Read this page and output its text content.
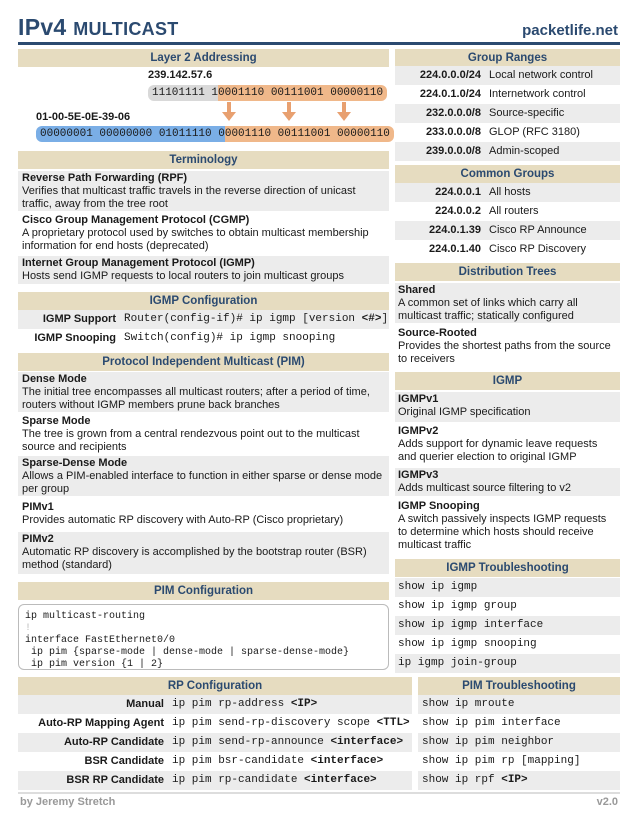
IPv4 MULTICAST	packetlife.net
Layer 2 Addressing
239.142.57.6
11101111 10001110 00111001 00000110
01-00-5E-0E-39-06
00000001 00000000 01011110 00001110 00111001 00000110
Terminology
Reverse Path Forwarding (RPF)
Verifies that multicast traffic travels in the reverse direction of unicast traffic, away from the tree root
Cisco Group Management Protocol (CGMP)
A proprietary protocol used by switches to obtain multicast membership information for end hosts (deprecated)
Internet Group Management Protocol (IGMP)
Hosts send IGMP requests to local routers to join multicast groups
IGMP Configuration
IGMP Support Router(config-if)# ip igmp [version <#>]
IGMP Snooping Switch(config)# ip igmp snooping
Protocol Independent Multicast (PIM)
Dense Mode
The initial tree encompasses all multicast routers; after a period of time, routers without IGMP members prune back branches
Sparse Mode
The tree is grown from a central rendezvous point out to the multicast source and recipients
Sparse-Dense Mode
Allows a PIM-enabled interface to function in either sparse or dense mode per group
PIMv1
Provides automatic RP discovery with Auto-RP (Cisco proprietary)
PIMv2
Automatic RP discovery is accomplished by the bootstrap router (BSR) method (standard)
PIM Configuration
ip multicast-routing
!
interface FastEthernet0/0
ip pim {sparse-mode | dense-mode | sparse-dense-mode}
ip pim version {1 | 2}
Group Ranges
224.0.0.0/24 Local network control
224.0.1.0/24 Internetwork control
232.0.0.0/8 Source-specific
233.0.0.0/8 GLOP (RFC 3180)
239.0.0.0/8 Admin-scoped
Common Groups
224.0.0.1 All hosts
224.0.0.2 All routers
224.0.1.39 Cisco RP Announce
224.0.1.40 Cisco RP Discovery
Distribution Trees
Shared
A common set of links which carry all multicast traffic; statically configured
Source-Rooted
Provides the shortest paths from the source to receivers
IGMP
IGMPv1
Original IGMP specification
IGMPv2
Adds support for dynamic leave requests and querier election to original IGMP
IGMPv3
Adds multicast source filtering to v2
IGMP Snooping
A switch passively inspects IGMP requests to determine which hosts should receive multicast traffic
IGMP Troubleshooting
show ip igmp
show ip igmp group
show ip igmp interface
show ip igmp snooping
ip igmp join-group
RP Configuration
Manual ip pim rp-address <IP>
Auto-RP Mapping Agent ip pim send-rp-discovery scope <TTL>
Auto-RP Candidate ip pim send-rp-announce <interface>
BSR Candidate ip pim bsr-candidate <interface>
BSR RP Candidate ip pim rp-candidate <interface>
PIM Troubleshooting
show ip mroute
show ip pim interface
show ip pim neighbor
show ip pim rp [mapping]
show ip rpf <IP>
by Jeremy Stretch	v2.0
